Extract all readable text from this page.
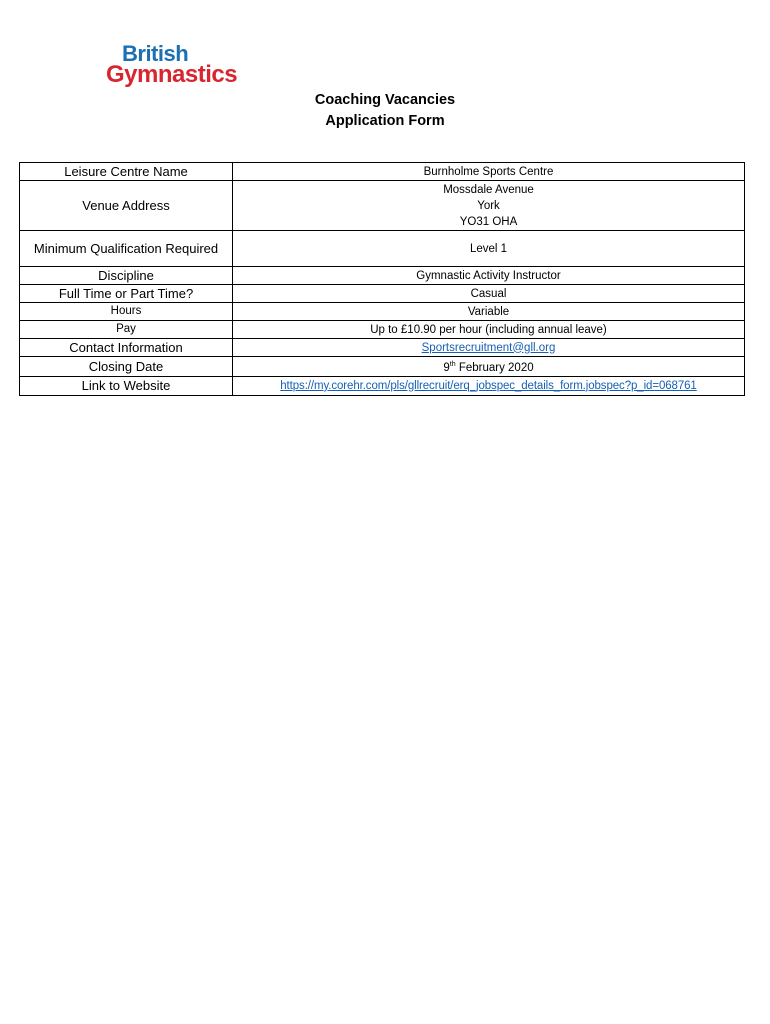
British
Gymnastics
Coaching Vacancies
Application Form
Leisure Centre Name	Burnholme Sports Centre
Venue Address	Mossdale Avenue
York
YO31 OHA

Minimum Qualification Required	Level 1
Discipline	Gymnastic Activity Instructor
Full Time or Part Time?	Casual
Hours	Variable
Pay	Up to £10.90 per hour (including annual leave)
Contact Information	Sportsrecruitment@gll.org
Closing Date	9th February 2020
Link to Website	https://my.corehr.com/pls/gllrecruit/erq_jobspec_details_form.jobspec?p_id=068761
